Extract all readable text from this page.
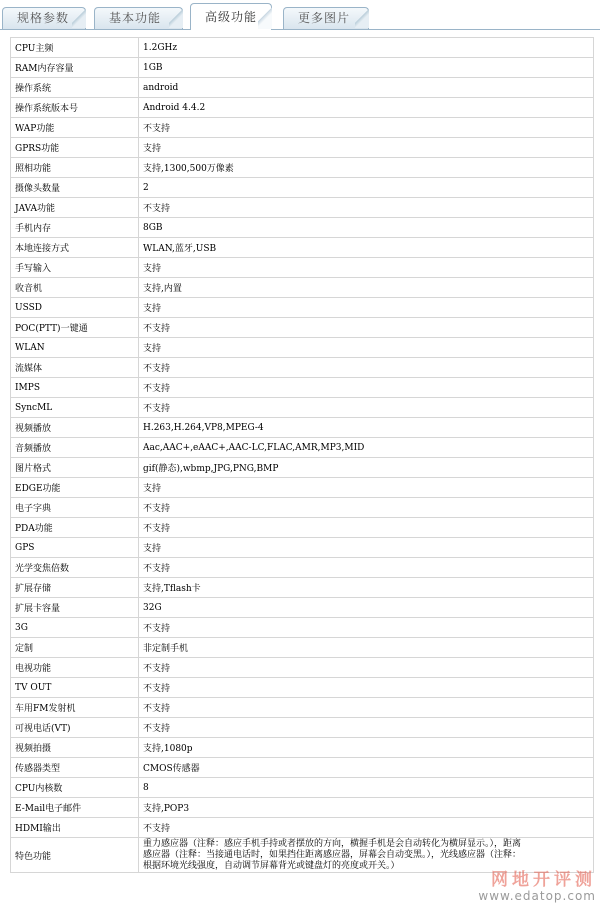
规格参数	基本功能	高级功能	更多图片
CPU主频	1.2GHz
RAM内存容量	1GB
操作系统	android
操作系统版本号	Android 4.4.2
WAP功能	不支持
GPRS功能	支持
照相功能	支持,1300,500万像素
摄像头数量	2
JAVA功能	不支持
手机内存	8GB
本地连接方式	WLAN,蓝牙,USB
手写输入	支持
收音机	支持,内置
USSD	支持
POC(PTT)一键通	不支持
WLAN	支持
流媒体	不支持
IMPS	不支持
SyncML	不支持
视频播放	H.263,H.264,VP8,MPEG-4
音频播放	Aac,AAC+,eAAC+,AAC-LC,FLAC,AMR,MP3,MID
图片格式	gif(静态),wbmp,JPG,PNG,BMP
EDGE功能	支持
电子字典	不支持
PDA功能	不支持
GPS	支持
光学变焦倍数	不支持
扩展存储	支持,Tflash卡
扩展卡容量	32G
3G	不支持
定制	非定制手机
电视功能	不支持
TV OUT	不支持
车用FM发射机	不支持
可视电话(VT)	不支持
视频拍摄	支持,1080p
传感器类型	CMOS传感器
CPU内核数	8
E-Mail电子邮件	支持,POP3
HDMI输出	不支持
特色功能	重力感应器（注释：感应手机手持或者摆放的方向，横握手机是会自动转化为横屏显示。），距离感应器（注释：当接通电话时，如果挡住距离感应器，屏幕会自动变黑。），光线感应器（注释：根据环境光线强度，自动调节屏幕背光或键盘灯的亮度或开关。）
网地开评测
www.edatop.com
